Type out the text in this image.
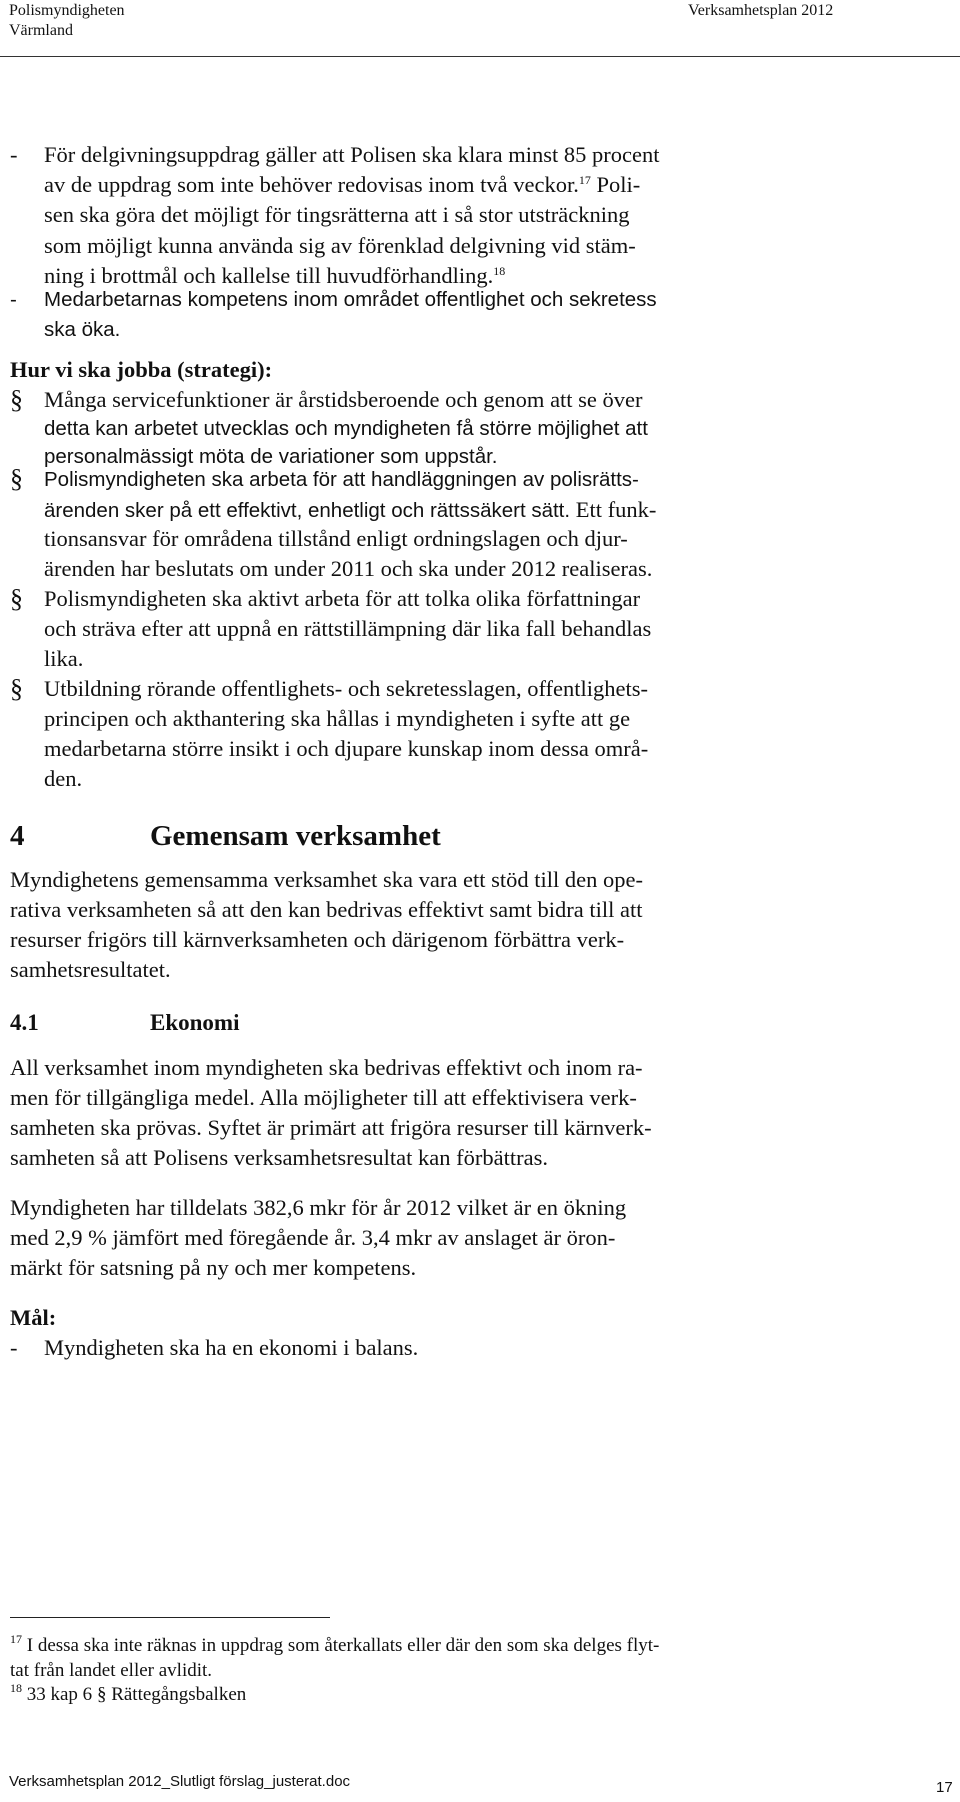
Polismyndigheten
Värmland
Verksamhetsplan 2012
- För delgivningsuppdrag gäller att Polisen ska klara minst 85 procent
av de uppdrag som inte behöver redovisas inom två veckor.$^{17}$ Poli-
sen ska göra det möjligt för tingsrätterna att i så stor utsträckning
som möjligt kunna använda sig av förenklad delgivning vid stäm-
ning i brottmål och kallelse till huvudförhandling.$^{18}$
- Medarbetarnas kompetens inom området offentlighet och sekretess
ska öka.
Hur vi ska jobba (strategi):
§ Många servicefunktioner är årstidsberoende och genom att se över
detta kan arbetet utvecklas och myndigheten få större möjlighet att
personalmässigt möta de variationer som uppstår.
§ Polismyndigheten ska arbeta för att handläggningen av polisrätts-
ärenden sker på ett effektivt, enhetligt och rättssäkert sätt. Ett funk-
tionsansvar för områdena tillstånd enligt ordningslagen och djur-
ärenden har beslutats om under 2011 och ska under 2012 realiseras.
§ Polismyndigheten ska aktivt arbeta för att tolka olika författningar
och sträva efter att uppnå en rättstillämpning där lika fall behandlas
lika.
§ Utbildning rörande offentlighets- och sekretesslagen, offentlighets-
principen och akthantering ska hållas i myndigheten i syfte att ge
medarbetarna större insikt i och djupare kunskap inom dessa områ-
den.
4	Gemensam verksamhet
Myndighetens gemensamma verksamhet ska vara ett stöd till den ope-
rativa verksamheten så att den kan bedrivas effektivt samt bidra till att
resurser frigörs till kärnverksamheten och därigenom förbättra verk-
samhetsresultatet.
4.1	Ekonomi
All verksamhet inom myndigheten ska bedrivas effektivt och inom ra-
men för tillgängliga medel. Alla möjligheter till att effektivisera verk-
samheten ska prövas. Syftet är primärt att frigöra resurser till kärnverk-
samheten så att Polisens verksamhetsresultat kan förbättras.
Myndigheten har tilldelats 382,6 mkr för år 2012 vilket är en ökning
med 2,9 % jämfört med föregående år. 3,4 mkr av anslaget är öron-
märkt för satsning på ny och mer kompetens.
Mål:
- Myndigheten ska ha en ekonomi i balans.
$^{17}$ I dessa ska inte räknas in uppdrag som återkallats eller där den som ska delges flyt-
tat från landet eller avlidit.
$^{18}$ 33 kap 6 § Rättegångsbalken
Verksamhetsplan 2012_Slutligt förslag_justerat.doc	17
